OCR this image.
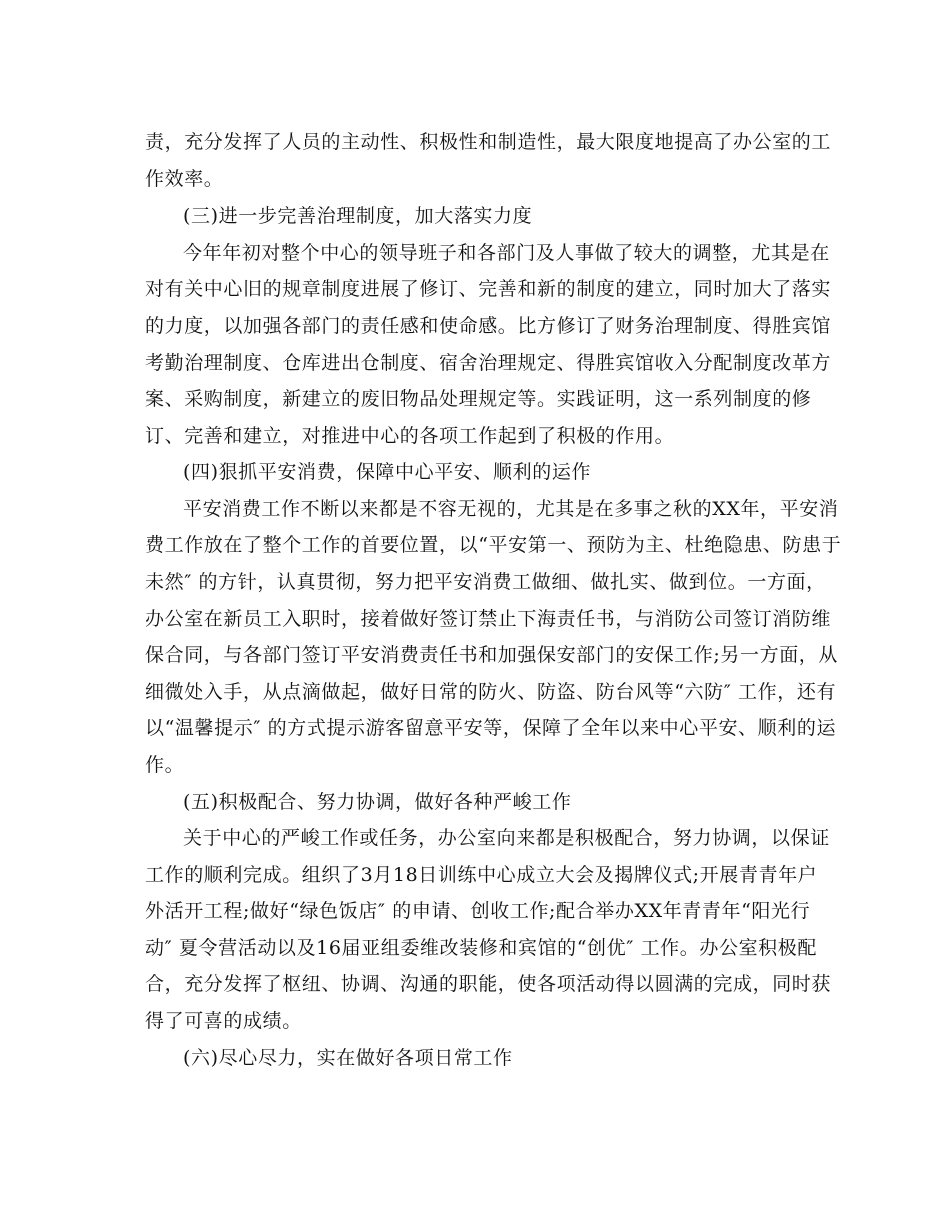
责，充分发挥了人员的主动性、积极性和制造性，最大限度地提高了办公室的工
作效率。
(三)进一步完善治理制度，加大落实力度
今年年初对整个中心的领导班子和各部门及人事做了较大的调整，尤其是在
对有关中心旧的规章制度进展了修订、完善和新的制度的建立，同时加大了落实
的力度，以加强各部门的责任感和使命感。比方修订了财务治理制度、得胜宾馆
考勤治理制度、仓库进出仓制度、宿舍治理规定、得胜宾馆收入分配制度改革方
案、采购制度，新建立的废旧物品处理规定等。实践证明，这一系列制度的修
订、完善和建立，对推进中心的各项工作起到了积极的作用。
(四)狠抓平安消费，保障中心平安、顺利的运作
平安消费工作不断以来都是不容无视的，尤其是在多事之秋的XX年，平安消
费工作放在了整个工作的首要位置，以“平安第一、预防为主、杜绝隐患、防患于
未然″ 的方针，认真贯彻，努力把平安消费工做细、做扎实、做到位。一方面，
办公室在新员工入职时，接着做好签订禁止下海责任书，与消防公司签订消防维
保合同，与各部门签订平安消费责任书和加强保安部门的安保工作;另一方面，从
细微处入手，从点滴做起，做好日常的防火、防盗、防台风等“六防″ 工作，还有
以“温馨提示″ 的方式提示游客留意平安等，保障了全年以来中心平安、顺利的运
作。
(五)积极配合、努力协调，做好各种严峻工作
关于中心的严峻工作或任务，办公室向来都是积极配合，努力协调，以保证
工作的顺利完成。组织了3月18日训练中心成立大会及揭牌仪式;开展青青年户
外活开工程;做好“绿色饭店″ 的申请、创收工作;配合举办XX年青青年“阳光行
动″ 夏令营活动以及16届亚组委维改装修和宾馆的“创优″ 工作。办公室积极配
合，充分发挥了枢纽、协调、沟通的职能，使各项活动得以圆满的完成，同时获
得了可喜的成绩。
(六)尽心尽力，实在做好各项日常工作
